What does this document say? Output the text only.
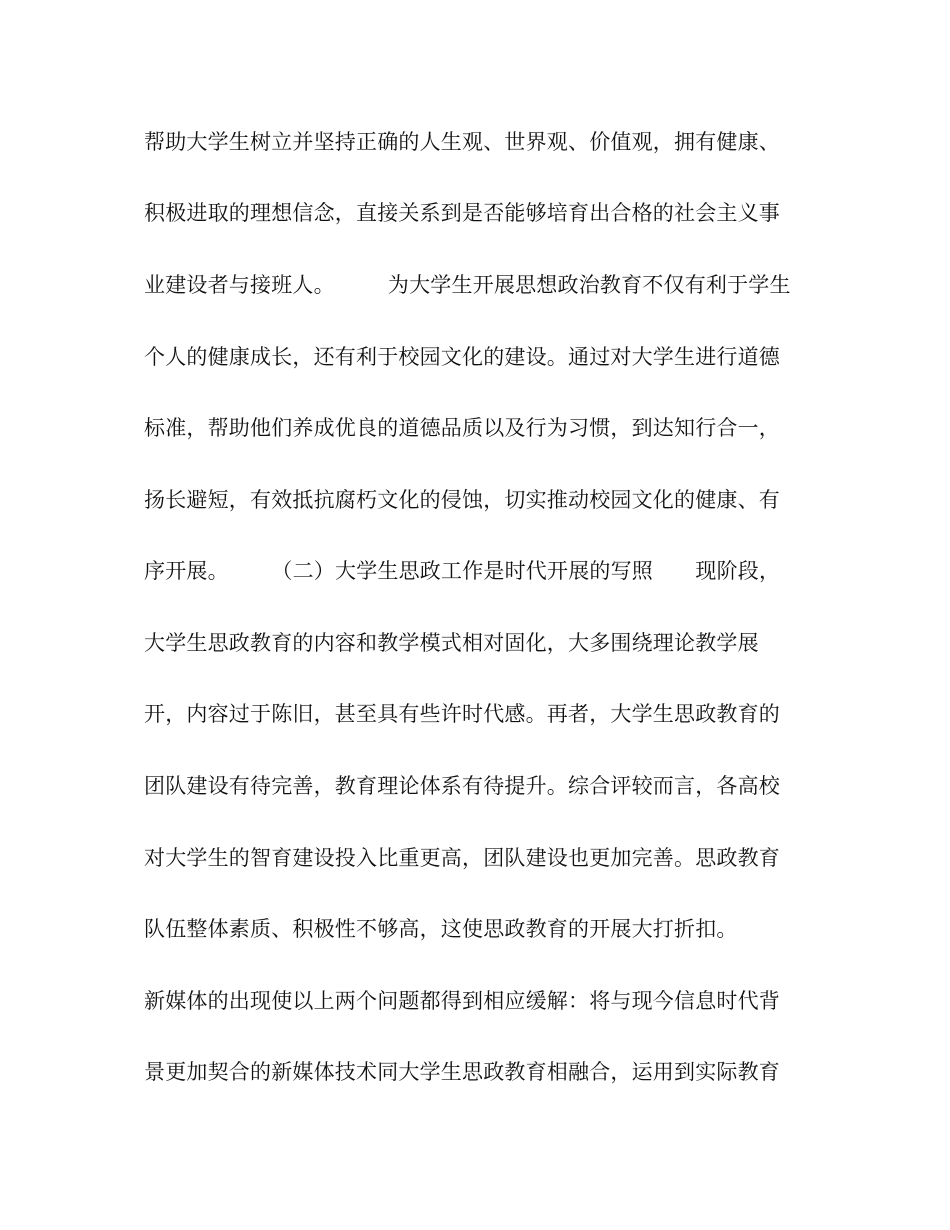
帮助大学生树立并坚持正确的人生观、世界观、价值观，拥有健康、
积极进取的理想信念，直接关系到是否能够培育出合格的社会主义事
业建设者与接班人。　　　为大学生开展思想政治教育不仅有利于学生
个人的健康成长，还有利于校园文化的建设。通过对大学生进行道德
标准，帮助他们养成优良的道德品质以及行为习惯，到达知行合一，
扬长避短，有效抵抗腐朽文化的侵蚀，切实推动校园文化的健康、有
序开展。　　　（二）大学生思政工作是时代开展的写照　　现阶段，
大学生思政教育的内容和教学模式相对固化，大多围绕理论教学展
开，内容过于陈旧，甚至具有些许时代感。再者，大学生思政教育的
团队建设有待完善，教育理论体系有待提升。综合评较而言，各高校
对大学生的智育建设投入比重更高，团队建设也更加完善。思政教育
队伍整体素质、积极性不够高，这使思政教育的开展大打折扣。
新媒体的出现使以上两个问题都得到相应缓解：将与现今信息时代背
景更加契合的新媒体技术同大学生思政教育相融合，运用到实际教育
